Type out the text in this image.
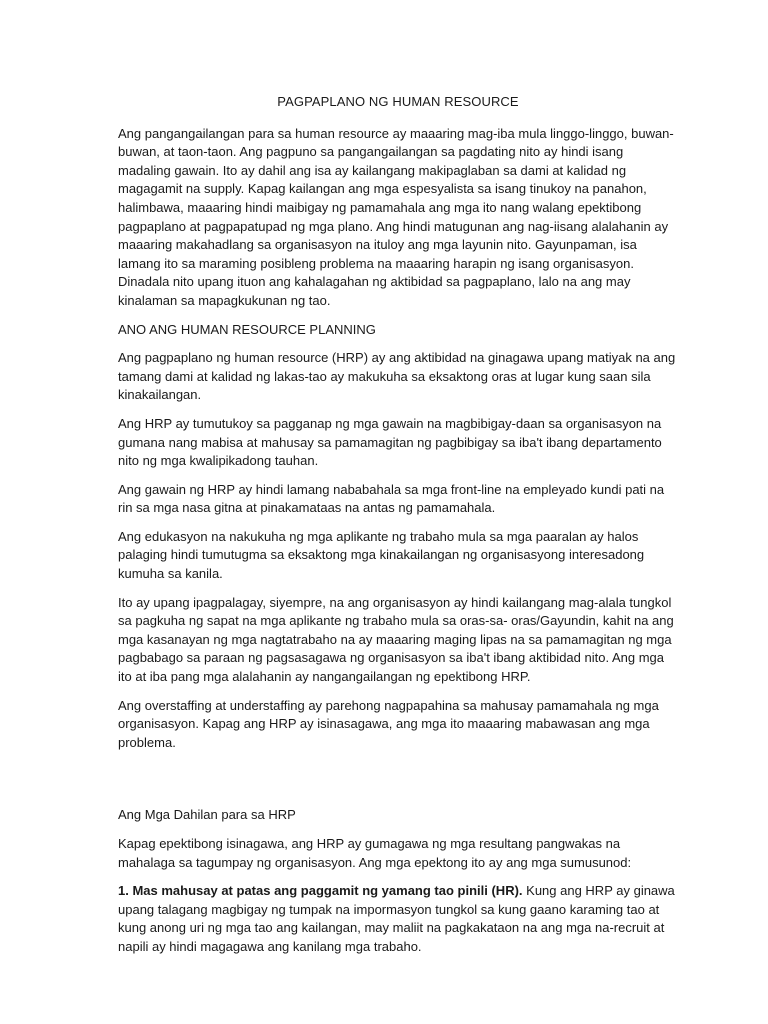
PAGPAPLANO NG HUMAN RESOURCE

Ang pangangailangan para sa human resource ay maaaring mag-iba mula linggo-linggo, buwan-buwan, at taon-taon. Ang pagpuno sa pangangailangan sa pagdating nito ay hindi isang madaling gawain. Ito ay dahil ang isa ay kailangang makipaglaban sa dami at kalidad ng magagamit na supply. Kapag kailangan ang mga espesyalista sa isang tinukoy na panahon, halimbawa, maaaring hindi maibigay ng pamamahala ang mga ito nang walang epektibong pagpaplano at pagpapatupad ng mga plano. Ang hindi matugunan ang nag-iisang alalahanin ay maaaring makahadlang sa organisasyon na ituloy ang mga layunin nito. Gayunpaman, isa lamang ito sa maraming posibleng problema na maaaring harapin ng isang organisasyon. Dinadala nito upang ituon ang kahalagahan ng aktibidad sa pagpaplano, lalo na ang may kinalaman sa mapagkukunan ng tao.

ANO ANG HUMAN RESOURCE PLANNING

Ang pagpaplano ng human resource (HRP) ay ang aktibidad na ginagawa upang matiyak na ang tamang dami at kalidad ng lakas-tao ay makukuha sa eksaktong oras at lugar kung saan sila kinakailangan.

Ang HRP ay tumutukoy sa pagganap ng mga gawain na magbibigay-daan sa organisasyon na gumana nang mabisa at mahusay sa pamamagitan ng pagbibigay sa iba't ibang departamento nito ng mga kwalipikadong tauhan.

Ang gawain ng HRP ay hindi lamang nababahala sa mga front-line na empleyado kundi pati na rin sa mga nasa gitna at pinakamataas na antas ng pamamahala.

Ang edukasyon na nakukuha ng mga aplikante ng trabaho mula sa mga paaralan ay halos palaging hindi tumutugma sa eksaktong mga kinakailangan ng organisasyong interesadong kumuha sa kanila.

Ito ay upang ipagpalagay, siyempre, na ang organisasyon ay hindi kailangang mag-alala tungkol sa pagkuha ng sapat na mga aplikante ng trabaho mula sa oras-sa- oras/Gayundin, kahit na ang mga kasanayan ng mga nagtatrabaho na ay maaaring maging lipas na sa pamamagitan ng mga pagbabago sa paraan ng pagsasagawa ng organisasyon sa iba't ibang aktibidad nito. Ang mga ito at iba pang mga alalahanin ay nangangailangan ng epektibong HRP.

Ang overstaffing at understaffing ay parehong nagpapahina sa mahusay pamamahala ng mga organisasyon. Kapag ang HRP ay isinasagawa, ang mga ito maaaring mabawasan ang mga problema.

Ang Mga Dahilan para sa HRP

Kapag epektibong isinagawa, ang HRP ay gumagawa ng mga resultang pangwakas na mahalaga sa tagumpay ng organisasyon. Ang mga epektong ito ay ang mga sumusunod:

1. Mas mahusay at patas ang paggamit ng yamang tao pinili (HR). Kung ang HRP ay ginawa upang talagang magbigay ng tumpak na impormasyon tungkol sa kung gaano karaming tao at kung anong uri ng mga tao ang kailangan, may maliit na pagkakataon na ang mga na-recruit at napili ay hindi magagawa ang kanilang mga trabaho.
